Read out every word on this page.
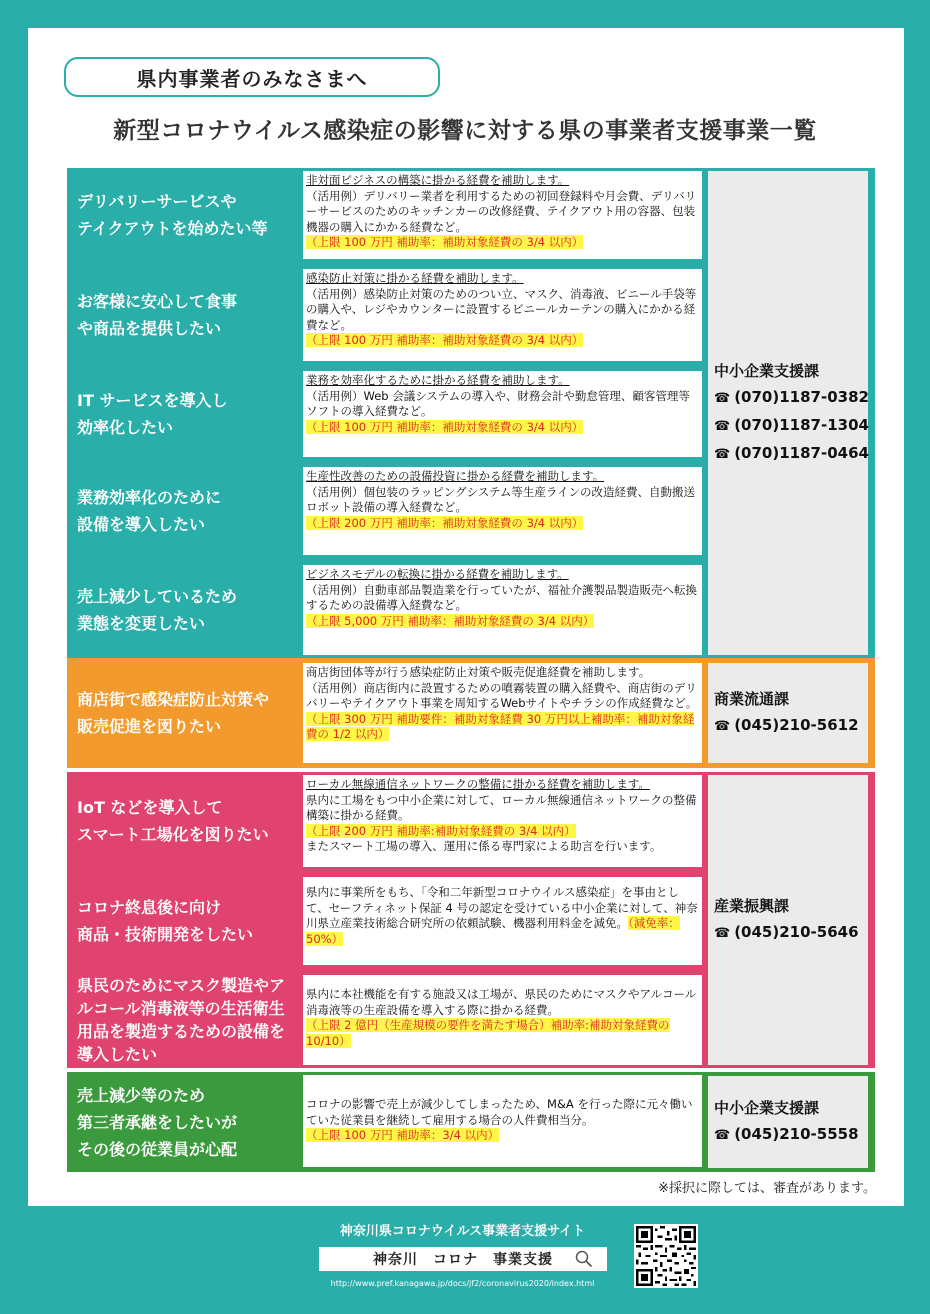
県内事業者のみなさまへ
新型コロナウイルス感染症の影響に対する県の事業者支援事業一覧
デリバリーサービスや
テイクアウトを始めたい等
非対面ビジネスの構築に掛かる経費を補助します。
（活用例）デリバリー業者を利用するための初回登録料や月会費、デリバリーサービスのためのキッチンカーの改修経費、テイクアウト用の容器、包装機器の購入にかかる経費など。
（上限 100 万円 補助率：補助対象経費の 3/4 以内）
お客様に安心して食事
や商品を提供したい
感染防止対策に掛かる経費を補助します。
（活用例）感染防止対策のためのつい立、マスク、消毒液、ビニール手袋等の購入や、レジやカウンターに設置するビニールカーテンの購入にかかる経費など。
（上限 100 万円 補助率：補助対象経費の 3/4 以内）
IT サービスを導入し
効率化したい
業務を効率化するために掛かる経費を補助します。
（活用例）Web 会議システムの導入や、財務会計や勤怠管理、顧客管理等ソフトの導入経費など。
（上限 100 万円 補助率：補助対象経費の 3/4 以内）
業務効率化のために
設備を導入したい
生産性改善のための設備投資に掛かる経費を補助します。
（活用例）個包装のラッピングシステム等生産ラインの改造経費、自動搬送ロボット設備の導入経費など。
（上限 200 万円 補助率：補助対象経費の 3/4 以内）
売上減少しているため
業態を変更したい
ビジネスモデルの転換に掛かる経費を補助します。
（活用例）自動車部品製造業を行っていたが、福祉介護製品製造販売へ転換するための設備導入経費など。
（上限 5,000 万円 補助率：補助対象経費の 3/4 以内）
中小企業支援課
☎ (070)1187-0382
☎ (070)1187-1304
☎ (070)1187-0464
商店街で感染症防止対策や
販売促進を図りたい
商店街団体等が行う感染症防止対策や販売促進経費を補助します。
（活用例）商店街内に設置するための噴霧装置の購入経費や、商店街のデリバリーやテイクアウト事業を周知するWebサイトやチラシの作成経費など。（上限 300 万円 補助要件：補助対象経費 30 万円以上補助率：補助対象経費の 1/2 以内）
商業流通課
☎ (045)210-5612
IoT などを導入して
スマート工場化を図りたい
ローカル無線通信ネットワークの整備に掛かる経費を補助します。
県内に工場をもつ中小企業に対して、ローカル無線通信ネットワークの整備構築に掛かる経費。
（上限 200 万円 補助率:補助対象経費の 3/4 以内）
またスマート工場の導入、運用に係る専門家による助言を行います。
コロナ終息後に向け
商品・技術開発をしたい
県内に事業所をもち、「令和二年新型コロナウイルス感染症」を事由として、セーフティネット保証 4 号の認定を受けている中小企業に対して、神奈川県立産業技術総合研究所の依頼試験、機器利用料金を減免。（減免率：50%）
県民のためにマスク製造やアルコール消毒液等の生活衛生用品を製造するための設備を導入したい
県内に本社機能を有する施設又は工場が、県民のためにマスクやアルコール消毒液等の生産設備を導入する際に掛かる経費。
（上限 2 億円（生産規模の要件を満たす場合）補助率:補助対象経費の 10/10）
産業振興課
☎ (045)210-5646
売上減少等のため
第三者承継をしたいが
その後の従業員が心配
コロナの影響で売上が減少してしまったため、M&A を行った際に元々働いていた従業員を継続して雇用する場合の人件費相当分。
（上限 100 万円 補助率：3/4 以内）
中小企業支援課
☎ (045)210-5558
※採択に際しては、審査があります。
神奈川県コロナウイルス事業者支援サイト
神奈川　コロナ　事業支援
http://www.pref.kanagawa.jp/docs/jf2/coronavirus2020/index.html
